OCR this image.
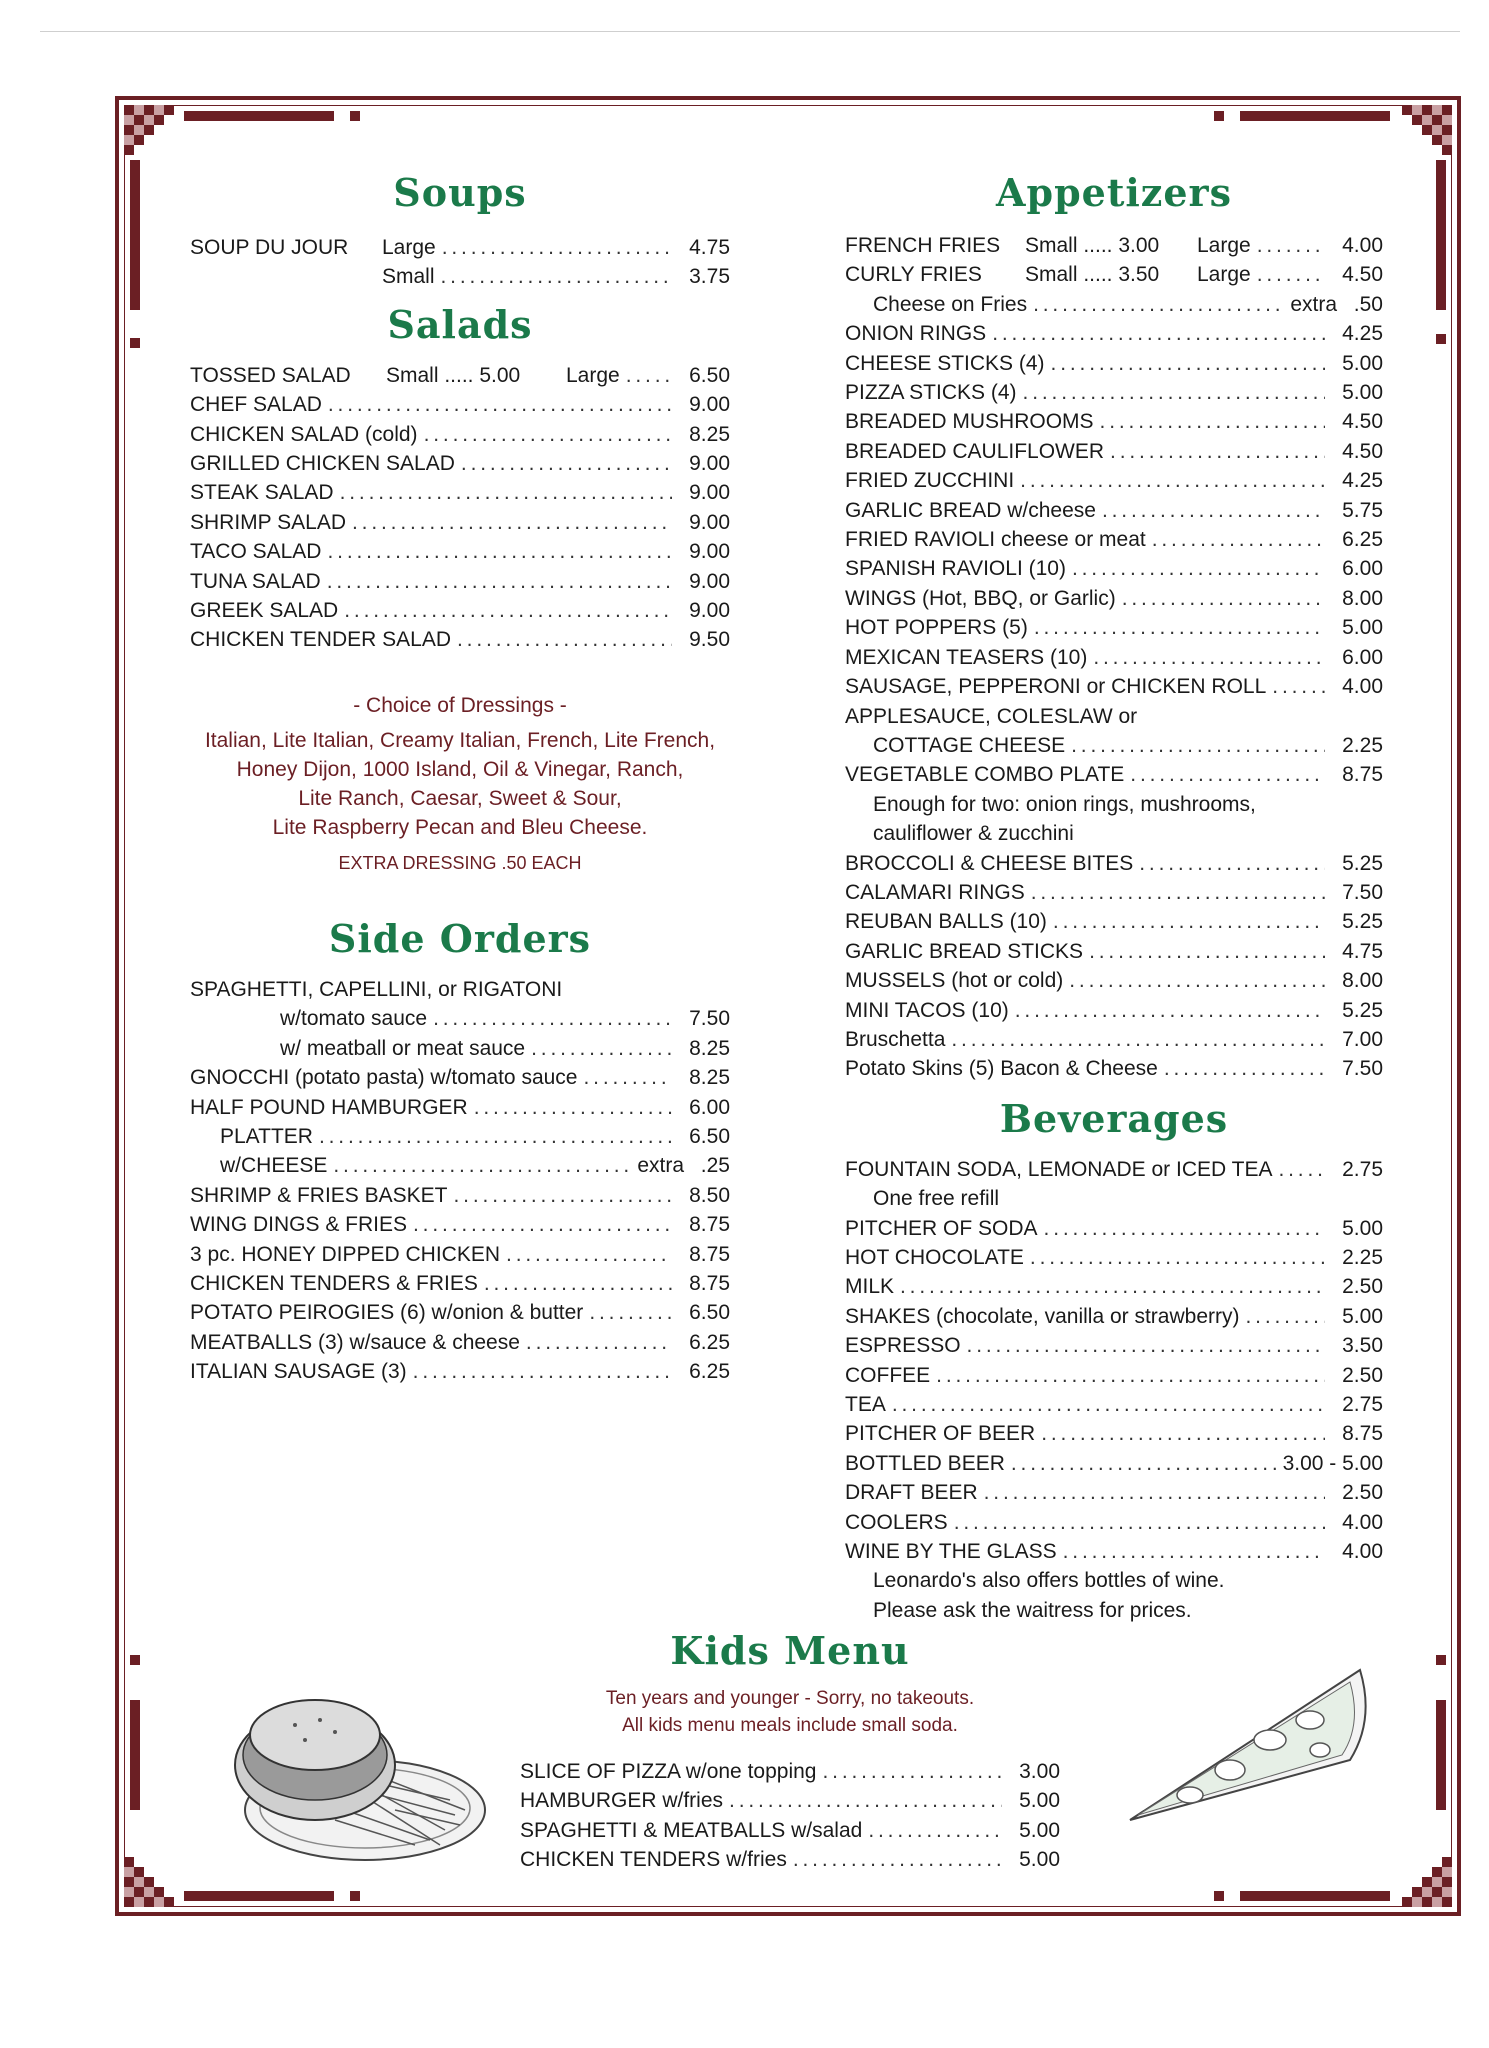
Soups
SOUP DU JOUR	Large . . .	4.75
Small . . .	3.75
Salads
TOSSED SALAD	Small ..... 5.00	Large . . .	6.50
CHEF SALAD . . .	9.00
CHICKEN SALAD (cold) . . .	8.25
GRILLED CHICKEN SALAD . . .	9.00
STEAK SALAD . . .	9.00
SHRIMP SALAD . . .	9.00
TACO SALAD . . .	9.00
TUNA SALAD . . .	9.00
GREEK SALAD . . .	9.00
CHICKEN TENDER SALAD . . .	9.50
- Choice of Dressings -
Italian, Lite Italian, Creamy Italian, French, Lite French,
Honey Dijon, 1000 Island, Oil & Vinegar, Ranch,
Lite Ranch, Caesar, Sweet & Sour,
Lite Raspberry Pecan and Bleu Cheese.
EXTRA DRESSING .50 EACH
Side Orders
SPAGHETTI, CAPELLINI, or RIGATONI
w/tomato sauce . . .	7.50
w/ meatball or meat sauce . . .	8.25
GNOCCHI (potato pasta) w/tomato sauce . . .	8.25
HALF POUND HAMBURGER . . .	6.00
PLATTER . . .	6.50
w/CHEESE . . .	extra .25
SHRIMP & FRIES BASKET . . .	8.50
WING DINGS & FRIES . . .	8.75
3 pc. HONEY DIPPED CHICKEN . . .	8.75
CHICKEN TENDERS & FRIES . . .	8.75
POTATO PEIROGIES (6) w/onion & butter . . .	6.50
MEATBALLS (3) w/sauce & cheese . . .	6.25
ITALIAN SAUSAGE (3) . . .	6.25
Appetizers
FRENCH FRIES	Small ..... 3.00	Large . . .	4.00
CURLY FRIES	Small ..... 3.50	Large . . .	4.50
Cheese on Fries . . .	extra .50
ONION RINGS . . .	4.25
CHEESE STICKS (4) . . .	5.00
PIZZA STICKS (4) . . .	5.00
BREADED MUSHROOMS . . .	4.50
BREADED CAULIFLOWER . . .	4.50
FRIED ZUCCHINI . . .	4.25
GARLIC BREAD w/cheese . . .	5.75
FRIED RAVIOLI cheese or meat . . .	6.25
SPANISH RAVIOLI (10) . . .	6.00
WINGS (Hot, BBQ, or Garlic) . . .	8.00
HOT POPPERS (5) . . .	5.00
MEXICAN TEASERS (10) . . .	6.00
SAUSAGE, PEPPERONI or CHICKEN ROLL . . .	4.00
APPLESAUCE, COLESLAW or
COTTAGE CHEESE . . .	2.25
VEGETABLE COMBO PLATE . . .	8.75
Enough for two: onion rings, mushrooms,
cauliflower & zucchini
BROCCOLI & CHEESE BITES . . .	5.25
CALAMARI RINGS . . .	7.50
REUBAN BALLS (10) . . .	5.25
GARLIC BREAD STICKS . . .	4.75
MUSSELS (hot or cold) . . .	8.00
MINI TACOS (10) . . .	5.25
Bruschetta . . .	7.00
Potato Skins (5) Bacon & Cheese . . .	7.50
Beverages
FOUNTAIN SODA, LEMONADE or ICED TEA . . .	2.75
One free refill
PITCHER OF SODA . . .	5.00
HOT CHOCOLATE . . .	2.25
MILK . . .	2.50
SHAKES (chocolate, vanilla or strawberry) . . .	5.00
ESPRESSO . . .	3.50
COFFEE . . .	2.50
TEA . . .	2.75
PITCHER OF BEER . . .	8.75
BOTTLED BEER . . .	3.00 - 5.00
DRAFT BEER . . .	2.50
COOLERS . . .	4.00
WINE BY THE GLASS . . .	4.00
Leonardo's also offers bottles of wine.
Please ask the waitress for prices.
Kids Menu
Ten years and younger - Sorry, no takeouts.
All kids menu meals include small soda.
SLICE OF PIZZA w/one topping . . .	3.00
HAMBURGER w/fries . . .	5.00
SPAGHETTI & MEATBALLS w/salad . . .	5.00
CHICKEN TENDERS w/fries . . .	5.00
